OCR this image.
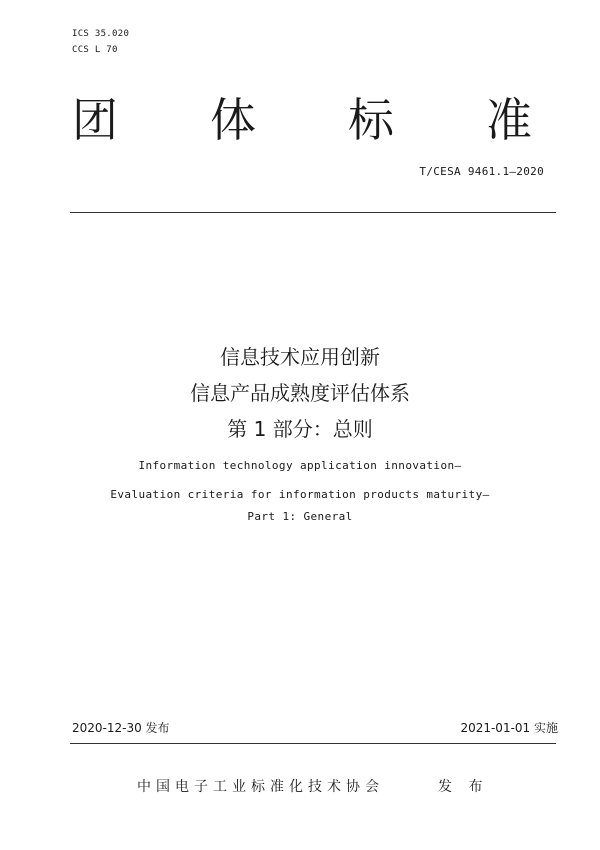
ICS 35.020
CCS L 70
团 体 标 准
T/CESA 9461.1—2020
信息技术应用创新
信息产品成熟度评估体系
第 1 部分：总则
Information technology application innovation—
Evaluation criteria for information products maturity—
Part 1: General
2020-12-30 发布	2021-01-01 实施
中国电子工业标准化技术协会	发 布
